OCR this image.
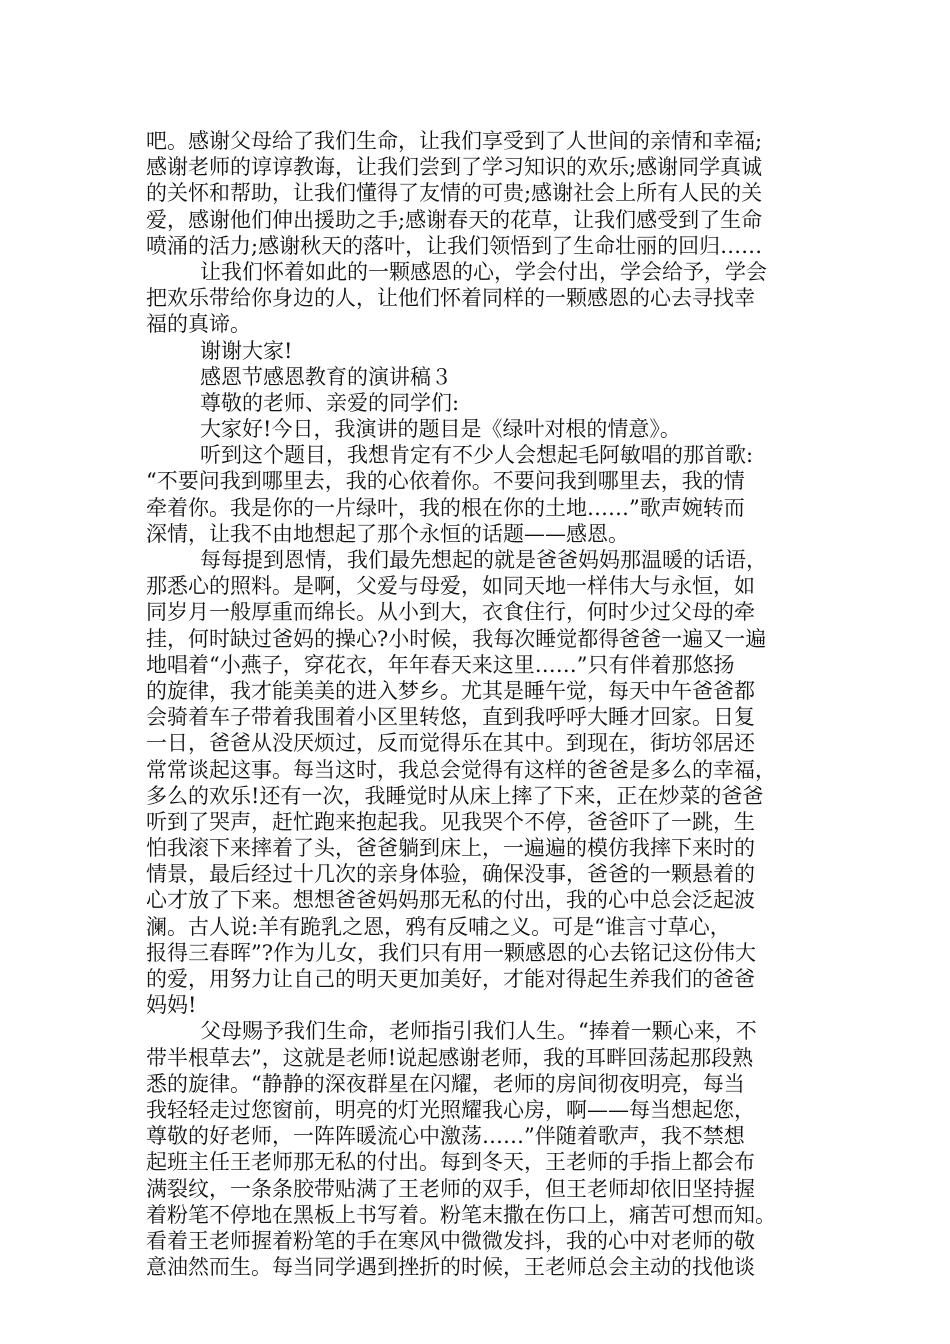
吧。感谢父母给了我们生命，让我们享受到了人世间的亲情和幸福;
感谢老师的谆谆教诲，让我们尝到了学习知识的欢乐;感谢同学真诚
的关怀和帮助，让我们懂得了友情的可贵;感谢社会上所有人民的关
爱，感谢他们伸出援助之手;感谢春天的花草，让我们感受到了生命
喷涌的活力;感谢秋天的落叶，让我们领悟到了生命壮丽的回归……
让我们怀着如此的一颗感恩的心，学会付出，学会给予，学会
把欢乐带给你身边的人，让他们怀着同样的一颗感恩的心去寻找幸
福的真谛。
谢谢大家!
感恩节感恩教育的演讲稿３
尊敬的老师、亲爱的同学们:
大家好!今日，我演讲的题目是《绿叶对根的情意》。
听到这个题目，我想肯定有不少人会想起毛阿敏唱的那首歌:
“不要问我到哪里去，我的心依着你。不要问我到哪里去，我的情
牵着你。我是你的一片绿叶，我的根在你的土地……”歌声婉转而
深情，让我不由地想起了那个永恒的话题——感恩。
每每提到恩情，我们最先想起的就是爸爸妈妈那温暖的话语，
那悉心的照料。是啊，父爱与母爱，如同天地一样伟大与永恒，如
同岁月一般厚重而绵长。从小到大，衣食住行，何时少过父母的牵
挂，何时缺过爸妈的操心?小时候，我每次睡觉都得爸爸一遍又一遍
地唱着“小燕子，穿花衣，年年春天来这里……”只有伴着那悠扬
的旋律，我才能美美的进入梦乡。尤其是睡午觉，每天中午爸爸都
会骑着车子带着我围着小区里转悠，直到我呼呼大睡才回家。日复
一日，爸爸从没厌烦过，反而觉得乐在其中。到现在，街坊邻居还
常常谈起这事。每当这时，我总会觉得有这样的爸爸是多么的幸福，
多么的欢乐!还有一次，我睡觉时从床上摔了下来，正在炒菜的爸爸
听到了哭声，赶忙跑来抱起我。见我哭个不停，爸爸吓了一跳，生
怕我滚下来摔着了头，爸爸躺到床上，一遍遍的模仿我摔下来时的
情景，最后经过十几次的亲身体验，确保没事，爸爸的一颗悬着的
心才放了下来。想想爸爸妈妈那无私的付出，我的心中总会泛起波
澜。古人说:羊有跪乳之恩，鸦有反哺之义。可是“谁言寸草心，
报得三春晖”?作为儿女，我们只有用一颗感恩的心去铭记这份伟大
的爱，用努力让自己的明天更加美好，才能对得起生养我们的爸爸
妈妈!
父母赐予我们生命，老师指引我们人生。“捧着一颗心来，不
带半根草去”，这就是老师!说起感谢老师，我的耳畔回荡起那段熟
悉的旋律。“静静的深夜群星在闪耀，老师的房间彻夜明亮，每当
我轻轻走过您窗前，明亮的灯光照耀我心房，啊——每当想起您，
尊敬的好老师，一阵阵暖流心中激荡……”伴随着歌声，我不禁想
起班主任王老师那无私的付出。每到冬天，王老师的手指上都会布
满裂纹，一条条胶带贴满了王老师的双手，但王老师却依旧坚持握
着粉笔不停地在黑板上书写着。粉笔末撒在伤口上，痛苦可想而知。
看着王老师握着粉笔的手在寒风中微微发抖，我的心中对老师的敬
意油然而生。每当同学遇到挫折的时候，王老师总会主动的找他谈
